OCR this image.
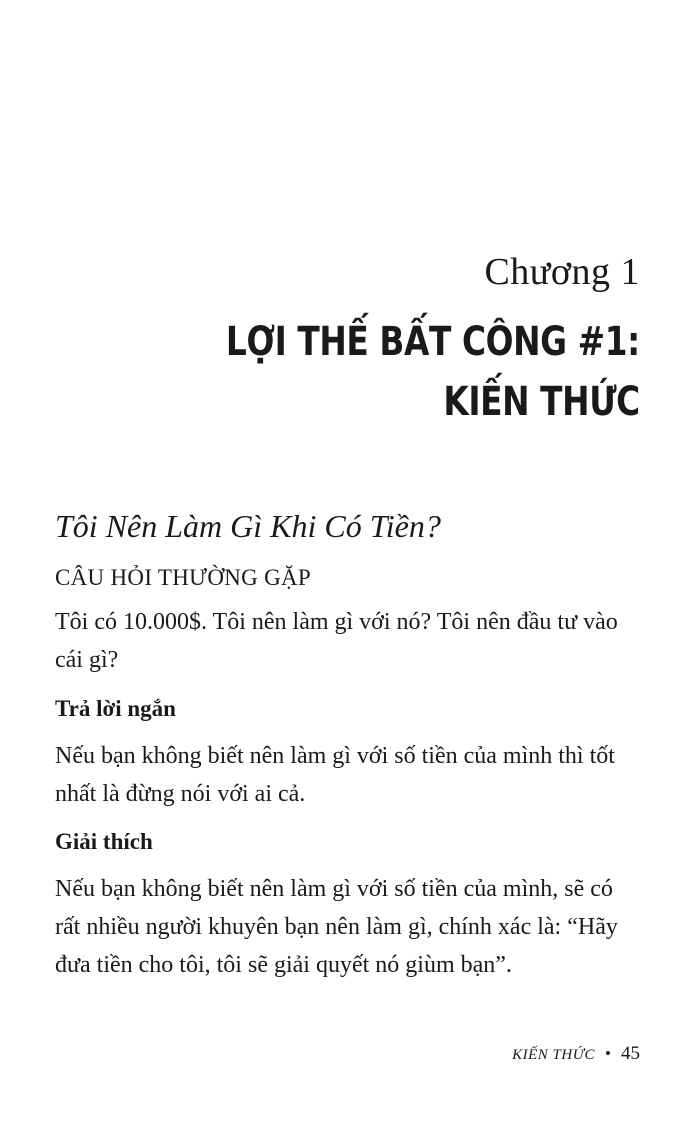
Chương 1
LỢI THẾ BẤT CÔNG #1:
KIẾN THỨC
Tôi Nên Làm Gì Khi Có Tiền?
CÂU HỎI THƯỜNG GẶP
Tôi có 10.000$. Tôi nên làm gì với nó? Tôi nên đầu tư vào
cái gì?
Trả lời ngắn
Nếu bạn không biết nên làm gì với số tiền của mình thì tốt
nhất là đừng nói với ai cả.
Giải thích
Nếu bạn không biết nên làm gì với số tiền của mình, sẽ có
rất nhiều người khuyên bạn nên làm gì, chính xác là: “Hãy
đưa tiền cho tôi, tôi sẽ giải quyết nó giùm bạn”.
KIẾN THỨC • 45
